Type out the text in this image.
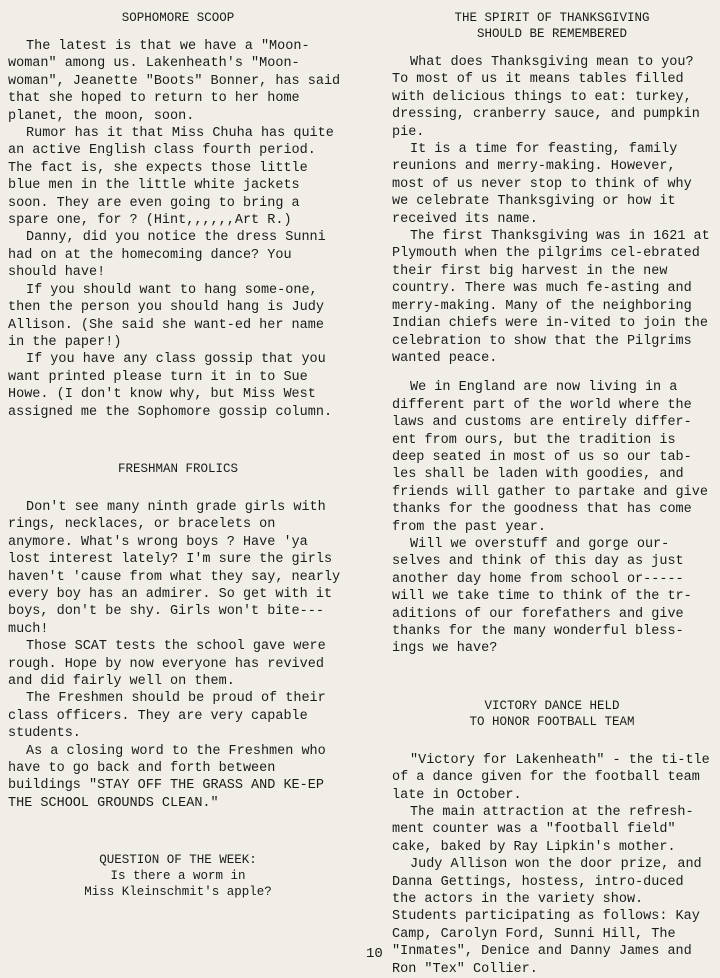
SOPHOMORE SCOOP

The latest is that we have a "Moon-woman" among us. Lakenheath's "Moon-woman", Jeanette "Boots" Bonner, has said that she hoped to return to her home planet, the moon, soon.

Rumor has it that Miss Chuha has quite an active English class fourth period. The fact is, she expects those little blue men in the little white jackets soon. They are even going to bring a spare one, for ? (Hint,,,,,,Art R.)

Danny, did you notice the dress Sunni had on at the homecoming dance? You should have!

If you should want to hang some-one, then the person you should hang is Judy Allison. (She said she want-ed her name in the paper!)

If you have any class gossip that you want printed please turn it in to Sue Howe. (I don't know why, but Miss West assigned me the Sophomore gossip column.

FRESHMAN FROLICS

Don't see many ninth grade girls with rings, necklaces, or bracelets on anymore. What's wrong boys ? Have 'ya lost interest lately? I'm sure the girls haven't 'cause from what they say, nearly every boy has an admirer. So get with it boys, don't be shy. Girls won't bite---much!

Those SCAT tests the school gave were rough. Hope by now everyone has revived and did fairly well on them.

The Freshmen should be proud of their class officers. They are very capable students.

As a closing word to the Freshmen who have to go back and forth between buildings "STAY OFF THE GRASS AND KE-EP THE SCHOOL GROUNDS CLEAN."

QUESTION OF THE WEEK:
Is there a worm in
Miss Kleinschmit's apple?
THE SPIRIT OF THANKSGIVING
SHOULD BE REMEMBERED

What does Thanksgiving mean to you? To most of us it means tables filled with delicious things to eat: turkey, dressing, cranberry sauce, and pumpkin pie.

It is a time for feasting, family reunions and merry-making. However, most of us never stop to think of why we celebrate Thanksgiving or how it received its name.

The first Thanksgiving was in 1621 at Plymouth when the pilgrims cel-ebrated their first big harvest in the new country. There was much fe-asting and merry-making. Many of the neighboring Indian chiefs were in-vited to join the celebration to show that the Pilgrims wanted peace.

We in England are now living in a different part of the world where the laws and customs are entirely differ-ent from ours, but the tradition is deep seated in most of us so our tab-les shall be laden with goodies, and friends will gather to partake and give thanks for the goodness that has come from the past year.

Will we overstuff and gorge our-selves and think of this day as just another day home from school or-----will we take time to think of the tr-aditions of our forefathers and give thanks for the many wonderful bless-ings we have?

VICTORY DANCE HELD
TO HONOR FOOTBALL TEAM

"Victory for Lakenheath" - the ti-tle of a dance given for the football team late in October.

The main attraction at the refresh-ment counter was a "football field" cake, baked by Ray Lipkin's mother.

Judy Allison won the door prize, and Danna Gettings, hostess, intro-duced the actors in the variety show. Students participating as follows: Kay Camp, Carolyn Ford, Sunni Hill, The "Inmates", Denice and Danny James and Ron "Tex" Collier.

10
